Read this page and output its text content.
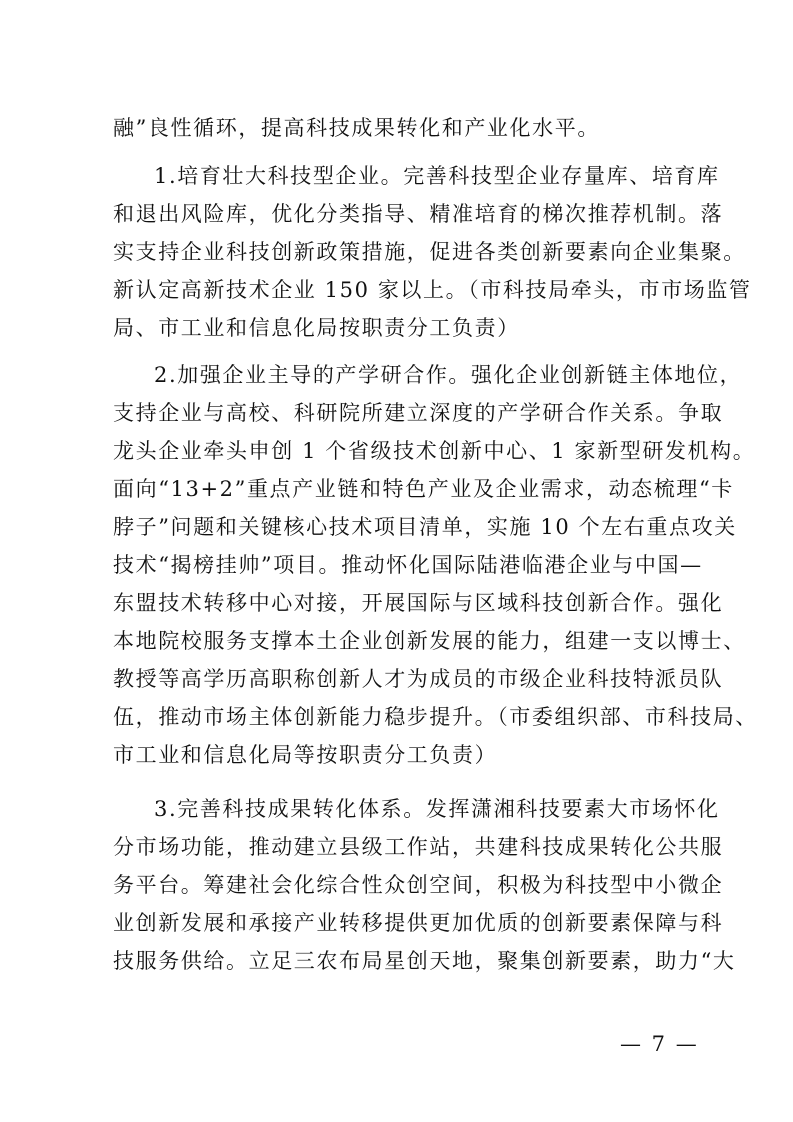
融”良性循环，提高科技成果转化和产业化水平。
1.培育壮大科技型企业。完善科技型企业存量库、培育库
和退出风险库，优化分类指导、精准培育的梯次推荐机制。落
实支持企业科技创新政策措施，促进各类创新要素向企业集聚。
新认定高新技术企业 150 家以上。（市科技局牵头，市市场监管
局、市工业和信息化局按职责分工负责）
2.加强企业主导的产学研合作。强化企业创新链主体地位，
支持企业与高校、科研院所建立深度的产学研合作关系。争取
龙头企业牵头申创 1 个省级技术创新中心、1 家新型研发机构。
面向“13+2”重点产业链和特色产业及企业需求，动态梳理“卡
脖子”问题和关键核心技术项目清单，实施 10 个左右重点攻关
技术“揭榜挂帅”项目。推动怀化国际陆港临港企业与中国—
东盟技术转移中心对接，开展国际与区域科技创新合作。强化
本地院校服务支撑本土企业创新发展的能力，组建一支以博士、
教授等高学历高职称创新人才为成员的市级企业科技特派员队
伍，推动市场主体创新能力稳步提升。（市委组织部、市科技局、
市工业和信息化局等按职责分工负责）
3.完善科技成果转化体系。发挥潇湘科技要素大市场怀化
分市场功能，推动建立县级工作站，共建科技成果转化公共服
务平台。筹建社会化综合性众创空间，积极为科技型中小微企
业创新发展和承接产业转移提供更加优质的创新要素保障与科
技服务供给。立足三农布局星创天地，聚集创新要素，助力“大
— 7 —
